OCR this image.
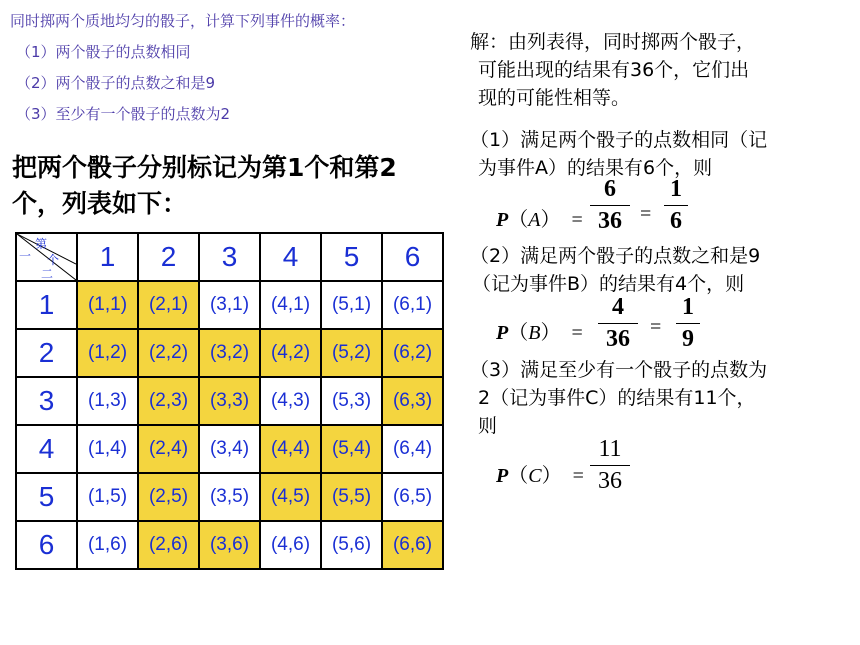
同时掷两个质地均匀的骰子，计算下列事件的概率：
（1）两个骰子的点数相同
（2）两个骰子的点数之和是9
（3）至少有一个骰子的点数为2
把两个骰子分别标记为第1个和第2个，列表如下：
第
一 个
二	1	2	3	4	5	6
1	(1,1)	(2,1)	(3,1)	(4,1)	(5,1)	(6,1)
2	(1,2)	(2,2)	(3,2)	(4,2)	(5,2)	(6,2)
3	(1,3)	(2,3)	(3,3)	(4,3)	(5,3)	(6,3)
4	(1,4)	(2,4)	(3,4)	(4,4)	(5,4)	(6,4)
5	(1,5)	(2,5)	(3,5)	(4,5)	(5,5)	(6,5)
6	(1,6)	(2,6)	(3,6)	(4,6)	(5,6)	(6,6)
解：由列表得，同时掷两个骰子，
可能出现的结果有36个，它们出
现的可能性相等。
（1）满足两个骰子的点数相同（记
为事件A）的结果有6个，则
P（A） =
6
36 =
1
6
（2）满足两个骰子的点数之和是9
（记为事件B）的结果有4个，则
P（B） =
4
36	=
1
9
（3）满足至少有一个骰子的点数为
2（记为事件C）的结果有11个，
则
P（C） =
11
36
